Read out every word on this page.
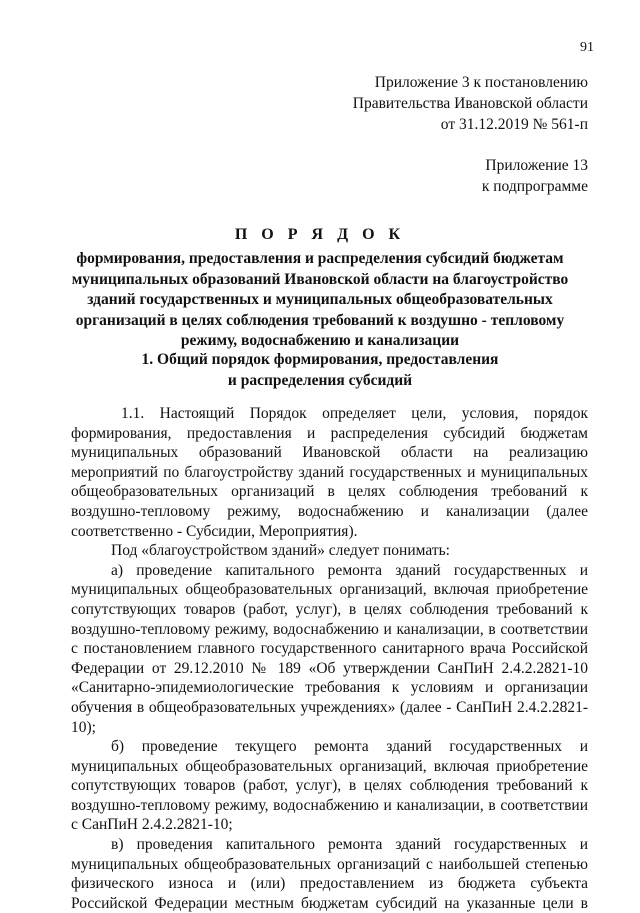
91
Приложение 3 к постановлению
Правительства Ивановской области
от 31.12.2019 № 561-п
Приложение 13
к подпрограмме
П О Р Я Д О К
формирования, предоставления и распределения субсидий бюджетам
муниципальных образований Ивановской области на благоустройство
зданий государственных и муниципальных общеобразовательных
организаций в целях соблюдения требований к воздушно - тепловому
режиму, водоснабжению и канализации
1. Общий порядок формирования, предоставления
и распределения субсидий
1.1. Настоящий Порядок определяет цели, условия, порядок
формирования, предоставления и распределения субсидий бюджетам
муниципальных образований Ивановской области на реализацию
мероприятий по благоустройству зданий государственных и муниципальных
общеобразовательных организаций в целях соблюдения требований к
воздушно-тепловому режиму, водоснабжению и канализации (далее
соответственно - Субсидии, Мероприятия).
Под «благоустройством зданий» следует понимать:
а) проведение капитального ремонта зданий государственных и
муниципальных общеобразовательных организаций, включая приобретение
сопутствующих товаров (работ, услуг), в целях соблюдения требований к
воздушно-тепловому режиму, водоснабжению и канализации, в соответствии
с постановлением главного государственного санитарного врача Российской
Федерации от 29.12.2010 № 189 «Об утверждении СанПиН 2.4.2.2821-10
«Санитарно-эпидемиологические требования к условиям и организации
обучения в общеобразовательных учреждениях» (далее - СанПиН 2.4.2.2821-
10);
б) проведение текущего ремонта зданий государственных и
муниципальных общеобразовательных организаций, включая приобретение
сопутствующих товаров (работ, услуг), в целях соблюдения требований к
воздушно-тепловому режиму, водоснабжению и канализации, в соответствии
с СанПиН 2.4.2.2821-10;
в) проведения капитального ремонта зданий государственных и
муниципальных общеобразовательных организаций с наибольшей степенью
физического износа и (или) предоставлением из бюджета субъекта
Российской Федерации местным бюджетам субсидий на указанные цели в
